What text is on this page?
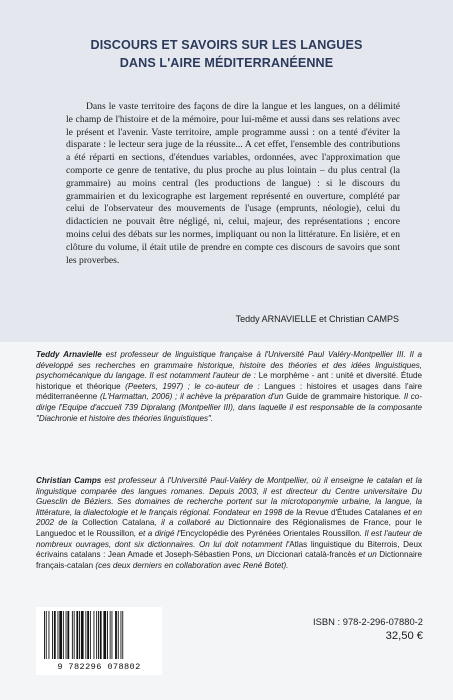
DISCOURS ET SAVOIRS SUR LES LANGUES
DANS L'AIRE MÉDITERRANÉENNE
Dans le vaste territoire des façons de dire la langue et les langues, on a délimité le champ de l'histoire et de la mémoire, pour lui-même et aussi dans ses relations avec le présent et l'avenir. Vaste territoire, ample programme aussi : on a tenté d'éviter la disparate : le lecteur sera juge de la réussite... A cet effet, l'ensemble des contributions a été réparti en sections, d'étendues variables, ordonnées, avec l'approximation que comporte ce genre de tentative, du plus proche au plus lointain – du plus central (la grammaire) au moins central (les productions de langue) : si le discours du grammairien et du lexicographe est largement représenté en ouverture, complété par celui de l'observateur des mouvements de l'usage (emprunts, néologie), celui du didacticien ne pouvait être négligé, ni, celui, majeur, des représentations ; encore moins celui des débats sur les normes, impliquant ou non la littérature. En lisière, et en clôture du volume, il était utile de prendre en compte ces discours de savoirs que sont les proverbes.
Teddy ARNAVIELLE et Christian CAMPS
Teddy Arnavielle est professeur de linguistique française à l'Université Paul Valéry-Montpellier III. Il a développé ses recherches en grammaire historique, histoire des théories et des idées linguistiques, psychomécanique du langage. Il est notamment l'auteur de : Le morphème - ant : unité et diversité. Étude historique et théorique (Peeters, 1997) ; le co-auteur de : Langues : histoires et usages dans l'aire méditerranéenne (L'Harmattan, 2006) ; il achève la préparation d'un Guide de grammaire historique. Il co-dirige l'Equipe d'accueil 739 Dipralang (Montpellier III), dans laquelle il est responsable de la composante "Diachronie et histoire des théories linguistiques".
Christian Camps est professeur à l'Université Paul-Valéry de Montpellier, où il enseigne le catalan et la linguistique comparée des langues romanes. Depuis 2003, il est directeur du Centre universitaire Du Guesclin de Béziers. Ses domaines de recherche portent sur la microtoponymie urbaine, la langue, la littérature, la dialectologie et le français régional. Fondateur en 1998 de la Revue d'Études Catalanes et en 2002 de la Collection Catalana, il a collaboré au Dictionnaire des Régionalismes de France, pour le Languedoc et le Roussillon, et a dirigé l'Encyclopédie des Pyrénées Orientales Roussillon. Il est l'auteur de nombreux ouvrages, dont six dictionnaires. On lui doit notamment l'Atlas linguistique du Biterrois, Deux écrivains catalans : Jean Amade et Joseph-Sébastien Pons, un Diccionari català-francès et un Dictionnaire français-catalan (ces deux derniers en collaboration avec René Botet).
9 782296 078802
ISBN : 978-2-296-07880-2
32,50 €
